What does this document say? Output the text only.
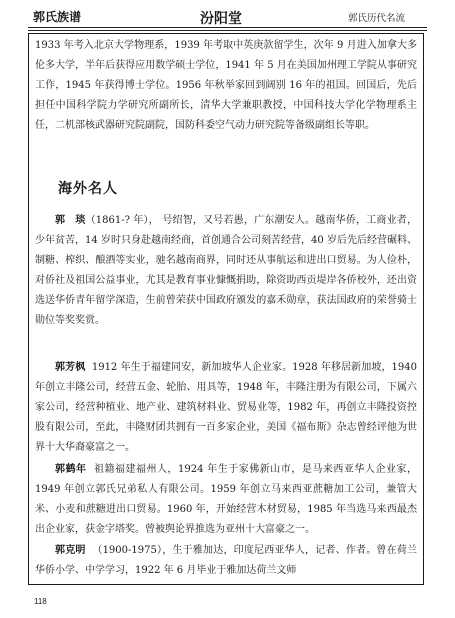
郭氏族谱	汾阳堂	郭氏历代名流
1933 年考入北京大学物理系，1939 年考取中英庚款留学生，次年 9 月进入加拿大多伦多大学，半年后获得应用数学硕士学位，1941 年 5 月在美国加州理工学院从事研究工作，1945 年获得博士学位。1956 年秋举家回到阔别 16 年的祖国。回国后，先后担任中国科学院力学研究所副所长，清华大学兼职教授，中国科技大学化学物理系主任，二机部核武器研究院副院，国防科委空气动力研究院等备级副组长等职。
海外名人
郭　琰（1861-? 年）， 号绍智，又号若愚，广东潮安人。越南华侨，工商业者，少年贫苦，14 岁时只身赴越南经商，首创通合公司刻苦经营，40 岁后先后经营碾料、制糖、榨织、酿酒等实业，驰名越南商界，同时还从事航运和进出口贸易。为人俭朴，对侨社及祖国公益事业，尤其是教育事业慷慨捐助，除资助西贡堤岸各侨校外，还出资选送华侨青年留学深造，生前曾荣获中国政府颁发的嘉禾勋章，获法国政府的荣誉骑士勋位等奖奖赏。
郭芳枫 1912 年生于福建同安，新加坡华人企业家。1928 年移居新加坡，1940 年创立丰隆公司，经营五金、轮胎、用具等，1948 年，丰隆注册为有限公司，下属六家公司，经营种植业、地产业、建筑材料业、贸易业等，1982 年，再创立丰隆投资控股有限公司，至此，丰隆财团共拥有一百多家企业，美国《福布斯》杂志曾经评他为世界十大华裔豪富之一。
郭鹤年 祖籍福建福州人，1924 年生于家佛新山市，是马来西亚华人企业家，1949 年创立郭氏兄弟私人有限公司。1959 年创立马来西亚蔗糖加工公司，兼管大米、小麦和蔗糖进出口贸易。1960 年，开始经营木材贸易，1985 年当选马来西最杰出企业家，获金字塔奖。曾被舆论界推选为亚州十大富豪之一。
郭克明 （1900-1975），生于雅加达，印度尼西亚华人，记者、作者。曾在荷兰华侨小学、中学学习，1922 年 6 月毕业于雅加达荷兰文师
118
